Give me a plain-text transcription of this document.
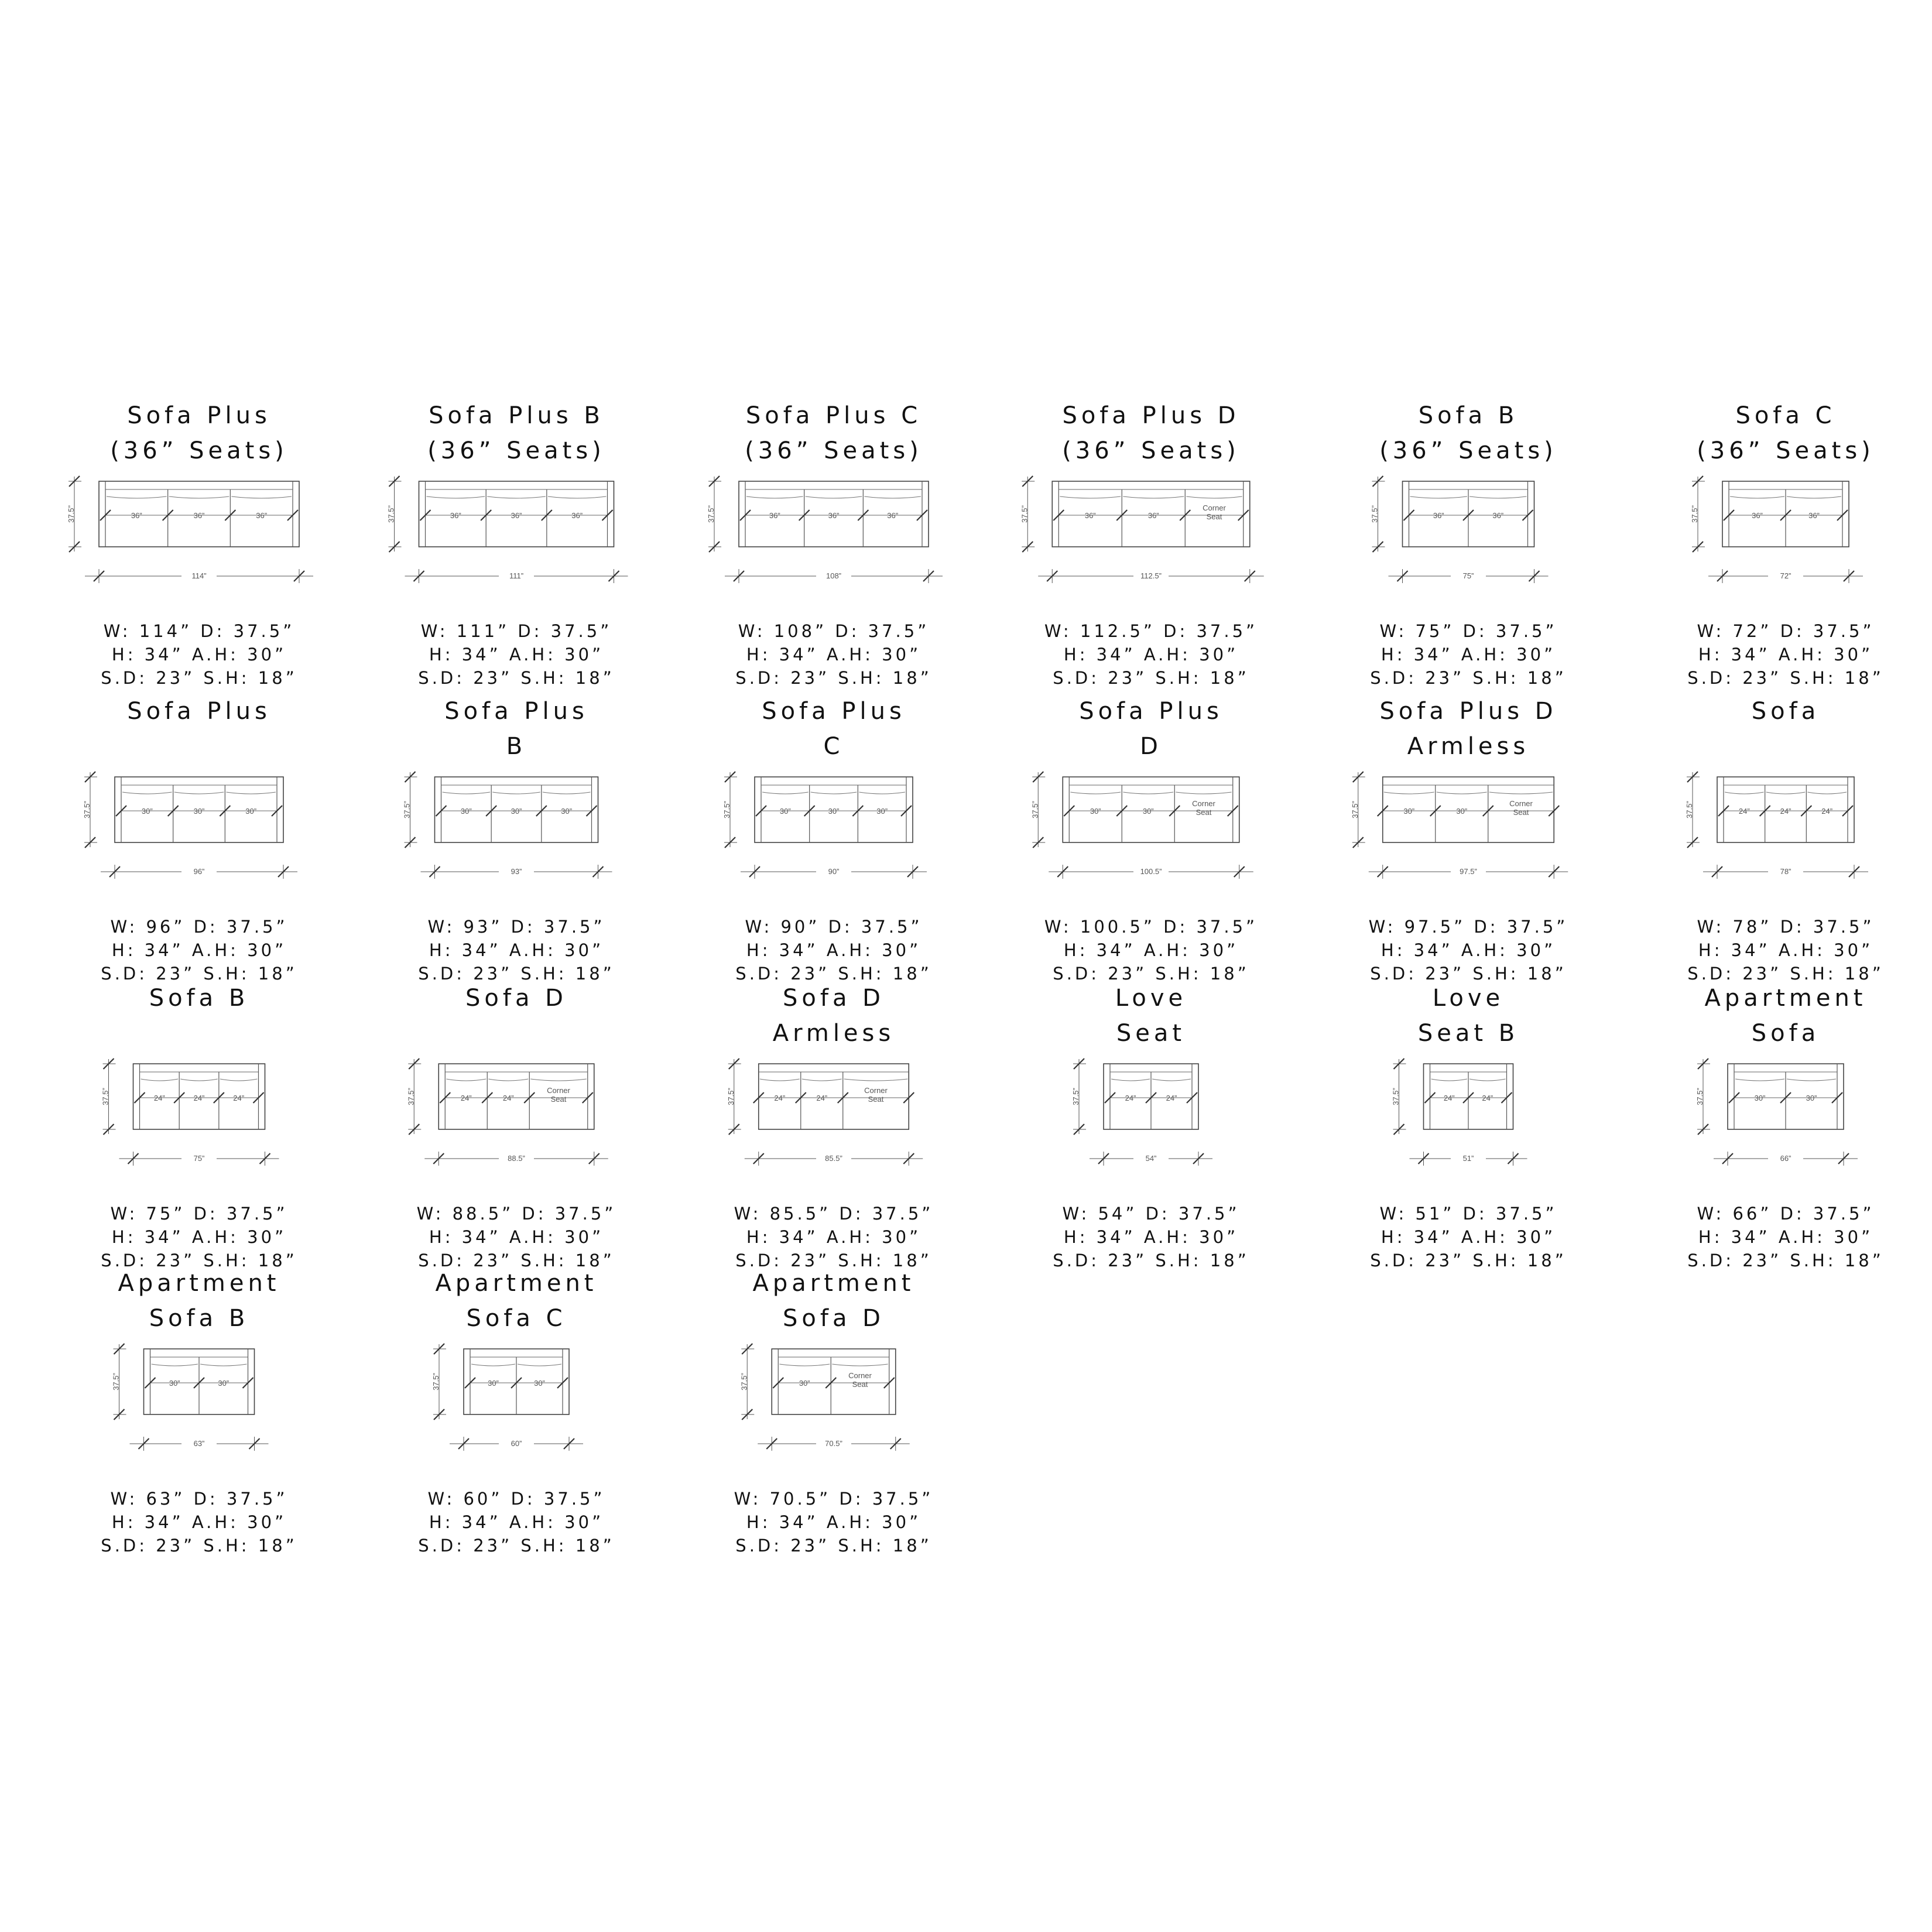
Sofa Plus
(36” Seats)
36”	36”	36”
37.5”
114”
W: 114” D: 37.5”
H: 34” A.H: 30”
S.D: 23” S.H: 18”
Sofa Plus B
(36” Seats)
36”	36”	36”
37.5”
111”
W: 111” D: 37.5”
H: 34” A.H: 30”
S.D: 23” S.H: 18”
Sofa Plus C
(36” Seats)
36”	36”	36”
37.5”
108”
W: 108” D: 37.5”
H: 34” A.H: 30”
S.D: 23” S.H: 18”
Sofa Plus D
(36” Seats)
36”	36”
Corner
Seat
37.5”
112.5”
W: 112.5” D: 37.5”
H: 34” A.H: 30”
S.D: 23” S.H: 18”
Sofa B
(36” Seats)
36”	36”
37.5”
75”
W: 75” D: 37.5”
H: 34” A.H: 30”
S.D: 23” S.H: 18”
Sofa C
(36” Seats)
36”	36”
37.5”
72”
W: 72” D: 37.5”
H: 34” A.H: 30”
S.D: 23” S.H: 18”
Sofa Plus
30”	30”	30”
37.5”
96”
W: 96” D: 37.5”
H: 34” A.H: 30”
S.D: 23” S.H: 18”
Sofa Plus
B
30”	30”	30”
37.5”
93”
W: 93” D: 37.5”
H: 34” A.H: 30”
S.D: 23” S.H: 18”
Sofa Plus
C
30”	30”	30”
37.5”
90”
W: 90” D: 37.5”
H: 34” A.H: 30”
S.D: 23” S.H: 18”
Sofa Plus
D
30”	30”
Corner
Seat
37.5”
100.5”
W: 100.5” D: 37.5”
H: 34” A.H: 30”
S.D: 23” S.H: 18”
Sofa Plus D
Armless
30”	30”
Corner
Seat
37.5”
97.5”
W: 97.5” D: 37.5”
H: 34” A.H: 30”
S.D: 23” S.H: 18”
Sofa
24”	24”	24”
37.5”
78”
W: 78” D: 37.5”
H: 34” A.H: 30”
S.D: 23” S.H: 18”
Sofa B
24”	24”	24”
37.5”
75”
W: 75” D: 37.5”
H: 34” A.H: 30”
S.D: 23” S.H: 18”
Sofa D
24”	24”
Corner
Seat
37.5”
88.5”
W: 88.5” D: 37.5”
H: 34” A.H: 30”
S.D: 23” S.H: 18”
Sofa D
Armless
24”	24”
Corner
Seat
37.5”
85.5”
W: 85.5” D: 37.5”
H: 34” A.H: 30”
S.D: 23” S.H: 18”
Love
Seat
24”	24”
37.5”
54”
W: 54” D: 37.5”
H: 34” A.H: 30”
S.D: 23” S.H: 18”
Love
Seat B
24”	24”
37.5”
51”
W: 51” D: 37.5”
H: 34” A.H: 30”
S.D: 23” S.H: 18”
Apartment
Sofa
30”	30”
37.5”
66”
W: 66” D: 37.5”
H: 34” A.H: 30”
S.D: 23” S.H: 18”
Apartment
Sofa B
30”	30”
37.5”
63”
W: 63” D: 37.5”
H: 34” A.H: 30”
S.D: 23” S.H: 18”
Apartment
Sofa C
30”	30”
37.5”
60”
W: 60” D: 37.5”
H: 34” A.H: 30”
S.D: 23” S.H: 18”
Apartment
Sofa D
30”
Corner
Seat
37.5”
70.5”
W: 70.5” D: 37.5”
H: 34” A.H: 30”
S.D: 23” S.H: 18”
